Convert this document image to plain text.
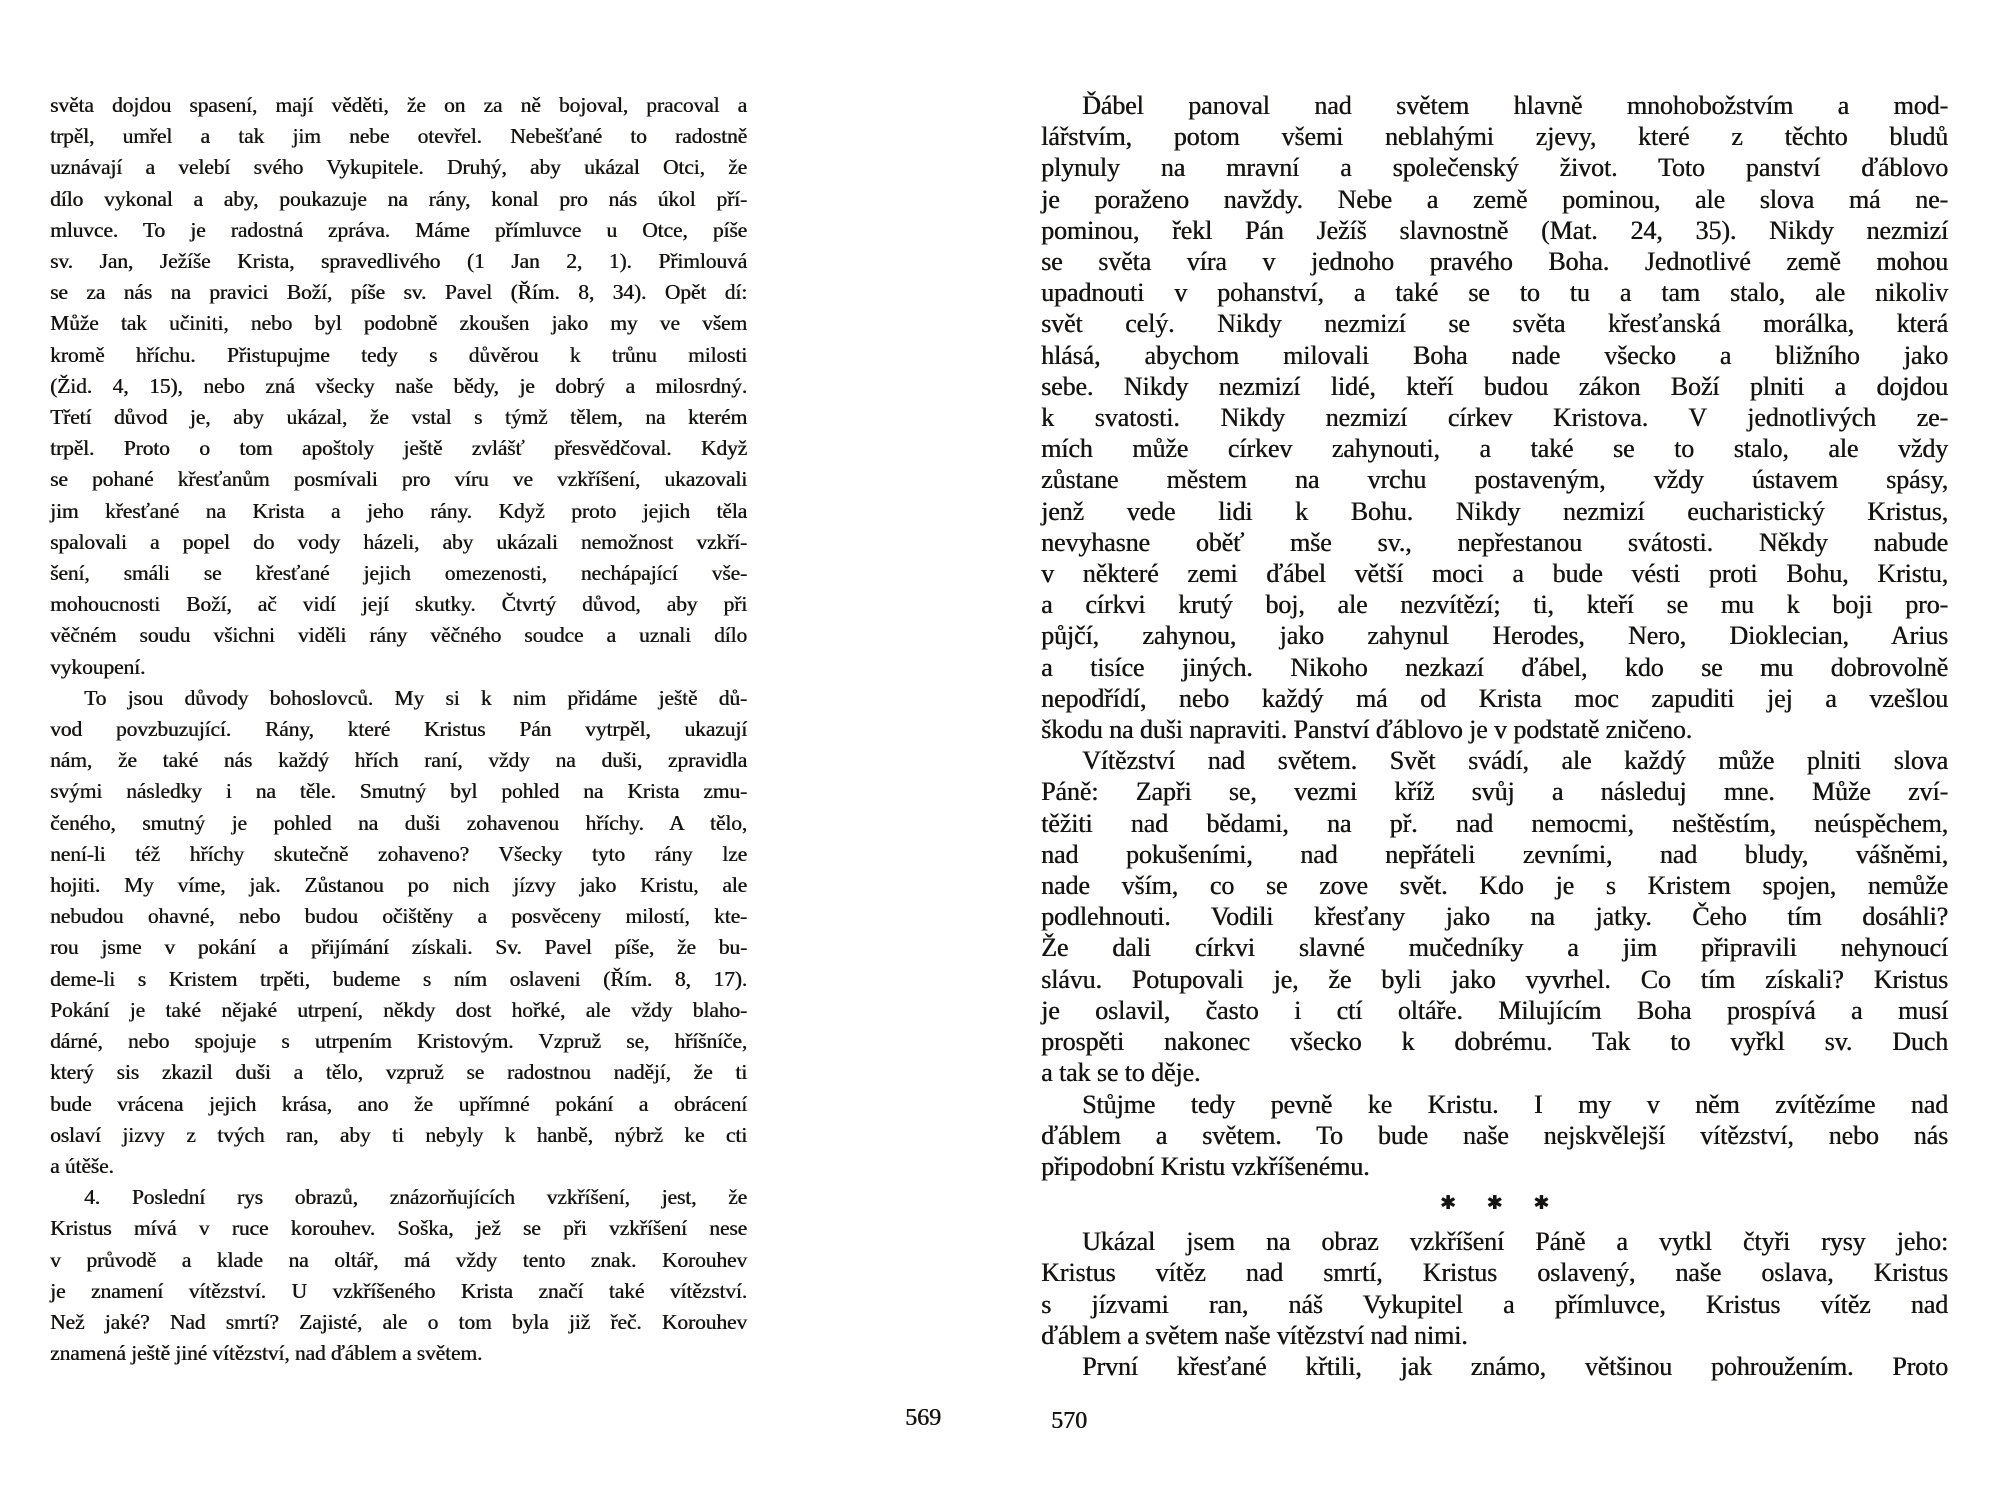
světa dojdou spasení, mají věděti, že on za ně bojoval, pracoval a
trpěl, umřel a tak jim nebe otevřel. Nebešťané to radostně
uznávají a velebí svého Vykupitele. Druhý, aby ukázal Otci, že
dílo vykonal a aby, poukazuje na rány, konal pro nás úkol pří-
mluvce. To je radostná zpráva. Máme přímluvce u Otce, píše
sv. Jan, Ježíše Krista, spravedlivého (1 Jan 2, 1). Přimlouvá
se za nás na pravici Boží, píše sv. Pavel (Řím. 8, 34). Opět dí:
Může tak učiniti, nebo byl podobně zkoušen jako my ve všem
kromě hříchu. Přistupujme tedy s důvěrou k trůnu milosti
(Žid. 4, 15), nebo zná všecky naše bědy, je dobrý a milosrdný.
Třetí důvod je, aby ukázal, že vstal s týmž tělem, na kterém
trpěl. Proto o tom apoštoly ještě zvlášť přesvědčoval. Když
se pohané křesťanům posmívali pro víru ve vzkříšení, ukazovali
jim křesťané na Krista a jeho rány. Když proto jejich těla
spalovali a popel do vody házeli, aby ukázali nemožnost vzkří-
šení, smáli se křesťané jejich omezenosti, nechápající vše-
mohoucnosti Boží, ač vidí její skutky. Čtvrtý důvod, aby při
věčném soudu všichni viděli rány věčného soudce a uznali dílo
vykoupení.
To jsou důvody bohoslovců. My si k nim přidáme ještě dů-
vod povzbuzující. Rány, které Kristus Pán vytrpěl, ukazují
nám, že také nás každý hřích raní, vždy na duši, zpravidla
svými následky i na těle. Smutný byl pohled na Krista zmu-
čeného, smutný je pohled na duši zohavenou hříchy. A tělo,
není-li též hříchy skutečně zohaveno? Všecky tyto rány lze
hojiti. My víme, jak. Zůstanou po nich jízvy jako Kristu, ale
nebudou ohavné, nebo budou očištěny a posvěceny milostí, kte-
rou jsme v pokání a přijímání získali. Sv. Pavel píše, že bu-
deme-li s Kristem trpěti, budeme s ním oslaveni (Řím. 8, 17).
Pokání je také nějaké utrpení, někdy dost hořké, ale vždy blaho-
dárné, nebo spojuje s utrpením Kristovým. Vzpruž se, hříšníče,
který sis zkazil duši a tělo, vzpruž se radostnou nadějí, že ti
bude vrácena jejich krása, ano že upřímné pokání a obrácení
oslaví jizvy z tvých ran, aby ti nebyly k hanbě, nýbrž ke cti
a útěše.
4. Poslední rys obrazů, znázorňujících vzkříšení, jest, že
Kristus mívá v ruce korouhev. Soška, jež se při vzkříšení nese
v průvodě a klade na oltář, má vždy tento znak. Korouhev
je znamení vítězství. U vzkříšeného Krista značí také vítězství.
Než jaké? Nad smrtí? Zajisté, ale o tom byla již řeč. Korouhev
znamená ještě jiné vítězství, nad ďáblem a světem.
Ďábel panoval nad světem hlavně mnohobožstvím a mod-
lářstvím, potom všemi neblahými zjevy, které z těchto bludů
plynuly na mravní a společenský život. Toto panství ďáblovo
je poraženo navždy. Nebe a země pominou, ale slova má ne-
pominou, řekl Pán Ježíš slavnostně (Mat. 24, 35). Nikdy nezmizí
se světa víra v jednoho pravého Boha. Jednotlivé země mohou
upadnouti v pohanství, a také se to tu a tam stalo, ale nikoliv
svět celý. Nikdy nezmizí se světa křesťanská morálka, která
hlásá, abychom milovali Boha nade všecko a bližního jako
sebe. Nikdy nezmizí lidé, kteří budou zákon Boží plniti a dojdou
k svatosti. Nikdy nezmizí církev Kristova. V jednotlivých ze-
mích může církev zahynouti, a také se to stalo, ale vždy
zůstane městem na vrchu postaveným, vždy ústavem spásy,
jenž vede lidi k Bohu. Nikdy nezmizí eucharistický Kristus,
nevyhasne oběť mše sv., nepřestanou svátosti. Někdy nabude
v některé zemi ďábel větší moci a bude vésti proti Bohu, Kristu,
a církvi krutý boj, ale nezvítězí; ti, kteří se mu k boji pro-
půjčí, zahynou, jako zahynul Herodes, Nero, Dioklecian, Arius
a tisíce jiných. Nikoho nezkazí ďábel, kdo se mu dobrovolně
nepodřídí, nebo každý má od Krista moc zapuditi jej a vzešlou
škodu na duši napraviti. Panství ďáblovo je v podstatě zničeno.
Vítězství nad světem. Svět svádí, ale každý může plniti slova
Páně: Zapři se, vezmi kříž svůj a následuj mne. Může zví-
těžiti nad bědami, na př. nad nemocmi, neštěstím, neúspěchem,
nad pokušeními, nad nepřáteli zevními, nad bludy, vášněmi,
nade vším, co se zove svět. Kdo je s Kristem spojen, nemůže
podlehnouti. Vodili křesťany jako na jatky. Čeho tím dosáhli?
Že dali církvi slavné mučedníky a jim připravili nehynoucí
slávu. Potupovali je, že byli jako vyvrhel. Co tím získali? Kristus
je oslavil, často i ctí oltáře. Milujícím Boha prospívá a musí
prospěti nakonec všecko k dobrému. Tak to vyřkl sv. Duch
a tak se to děje.
Stůjme tedy pevně ke Kristu. I my v něm zvítězíme nad
ďáblem a světem. To bude naše nejskvělejší vítězství, nebo nás
připodobní Kristu vzkříšenému.
✱ ✱ ✱
Ukázal jsem na obraz vzkříšení Páně a vytkl čtyři rysy jeho:
Kristus vítěz nad smrtí, Kristus oslavený, naše oslava, Kristus
s jízvami ran, náš Vykupitel a přímluvce, Kristus vítěz nad
ďáblem a světem naše vítězství nad nimi.
První křesťané křtili, jak známo, většinou pohroužením. Proto
569	570
